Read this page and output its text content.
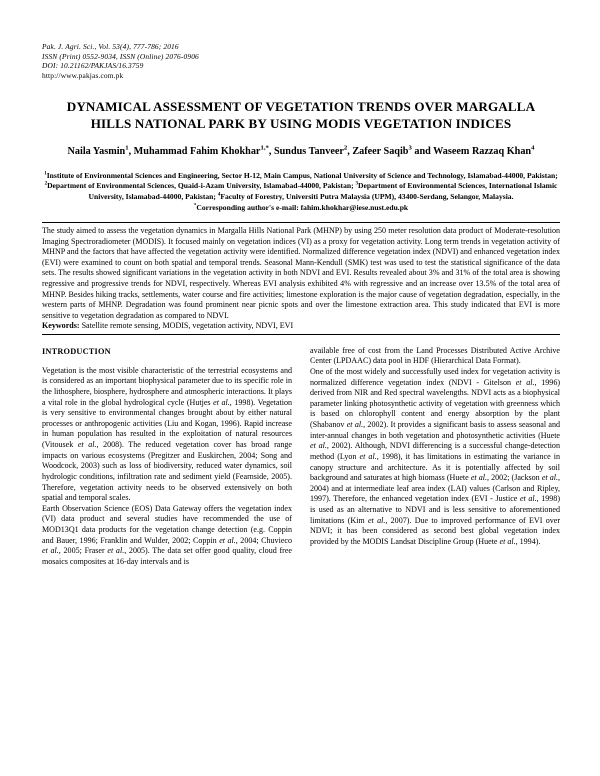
Pak. J. Agri. Sci., Vol. 53(4), 777-786; 2016
ISSN (Print) 0552-9034, ISSN (Online) 2076-0906
DOI: 10.21162/PAKJAS/16.3759
http://www.pakjas.com.pk
DYNAMICAL ASSESSMENT OF VEGETATION TRENDS OVER MARGALLA HILLS NATIONAL PARK BY USING MODIS VEGETATION INDICES
Naila Yasmin$^1$, Muhammad Fahim Khokhar$^{1,*}$, Sundus Tanveer$^2$, Zafeer Saqib$^3$ and Waseem Razzaq Khan$^4$
$^1$Institute of Environmental Sciences and Engineering, Sector H-12, Main Campus, National University of Science and Technology, Islamabad-44000, Pakistan; $^2$Department of Environmental Sciences, Quaid-i-Azam University, Islamabad-44000, Pakistan; $^3$Department of Environmental Sciences, International Islamic University, Islamabad-44000, Pakistan; $^4$Faculty of Forestry, Universiti Putra Malaysia (UPM), 43400-Serdang, Selangor, Malaysia.
*Corresponding author's e-mail: fahim.khokhar@iese.nust.edu.pk

The study aimed to assess the vegetation dynamics in Margalla Hills National Park (MHNP) by using 250 meter resolution data product of Moderate-resolution Imaging Spectroradiometer (MODIS). It focused mainly on vegetation indices (VI) as a proxy for vegetation activity. Long term trends in vegetation activity of MHNP and the factors that have affected the vegetation activity were identified. Normalized difference vegetation index (NDVI) and enhanced vegetation index (EVI) were examined to count on both spatial and temporal trends. Seasonal Mann-Kendull (SMK) test was used to test the statistical significance of the data sets. The results showed significant variations in the vegetation activity in both NDVI and EVI. Results revealed about 3% and 31% of the total area is showing regressive and progressive trends for NDVI, respectively. Whereas EVI analysis exhibited 4% with regressive and an increase over 13.5% of the total area of MHNP. Besides hiking tracks, settlements, water course and fire activities; limestone exploration is the major cause of vegetation degradation, especially, in the western parts of MHNP. Degradation was found prominent near picnic spots and over the limestone extraction area. This study indicated that EVI is more sensitive to vegetation degradation as compared to NDVI.

Keywords: Satellite remote sensing, MODIS, vegetation activity, NDVI, EVI

INTRODUCTION

Vegetation is the most visible characteristic of the terrestrial ecosystems and is considered as an important biophysical parameter due to its specific role in the lithosphere, biosphere, hydrosphere and atmospheric interactions. It plays a vital role in the global hydrological cycle (Hutjes et al., 1998). Vegetation is very sensitive to environmental changes brought about by either natural processes or anthropogenic activities (Liu and Kogan, 1996). Rapid increase in human population has resulted in the exploitation of natural resources (Vitousek et al., 2008). The reduced vegetation cover has broad range impacts on various ecosystems (Pregitzer and Euskirchen, 2004; Song and Woodcock, 2003) such as loss of biodiversity, reduced water dynamics, soil hydrologic conditions, infiltration rate and sediment yield (Fearnside, 2005). Therefore, vegetation activity needs to be observed extensively on both spatial and temporal scales.

Earth Observation Science (EOS) Data Gateway offers the vegetation index (VI) data product and several studies have recommended the use of MOD13Q1 data products for the vegetation change detection (e.g. Coppin and Bauer, 1996; Franklin and Wulder, 2002; Coppin et al., 2004; Chuvieco et al., 2005; Fraser et al., 2005). The data set offer good quality, cloud free mosaics composites at 16-day intervals and is

available free of cost from the Land Processes Distributed Active Archive Center (LPDAAC) data pool in HDF (Hierarchical Data Format).

One of the most widely and successfully used index for vegetation activity is normalized difference vegetation index (NDVI - Gitelson et al., 1996) derived from NIR and Red spectral wavelengths. NDVI acts as a biophysical parameter linking photosynthetic activity of vegetation with greenness which is based on chlorophyll content and energy absorption by the plant (Shabanov et al., 2002). It provides a significant basis to assess seasonal and inter-annual changes in both vegetation and photosynthetic activities (Huete et al., 2002). Although, NDVI differencing is a successful change-detection method (Lyon et al., 1998), it has limitations in estimating the variance in canopy structure and architecture. As it is potentially affected by soil background and saturates at high biomass (Huete et al., 2002; (Jackson et al., 2004) and at intermediate leaf area index (LAI) values (Carlson and Ripley, 1997). Therefore, the enhanced vegetation index (EVI - Justice et al., 1998) is used as an alternative to NDVI and is less sensitive to aforementioned limitations (Kim et al., 2007). Due to improved performance of EVI over NDVI; it has been considered as second best global vegetation index provided by the MODIS Landsat Discipline Group (Huete et al., 1994).
